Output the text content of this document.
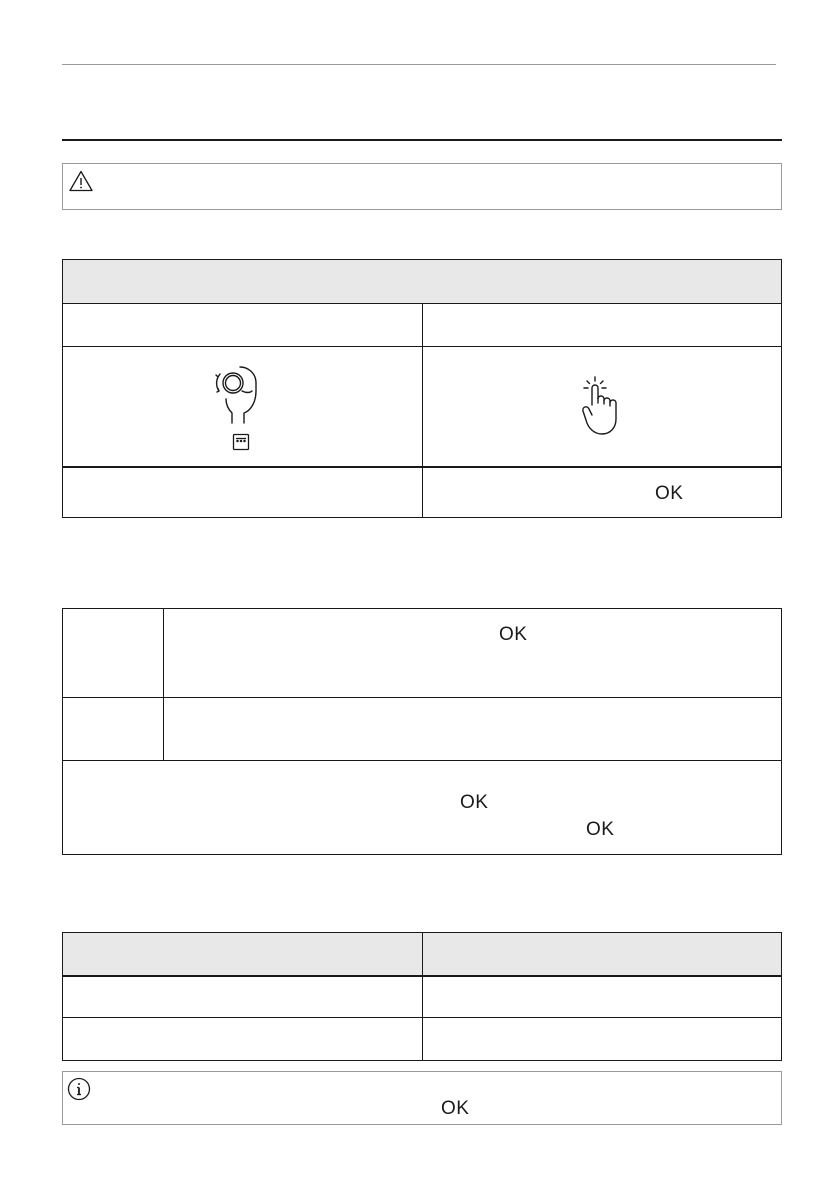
OK
OK
OK
OK
OK
